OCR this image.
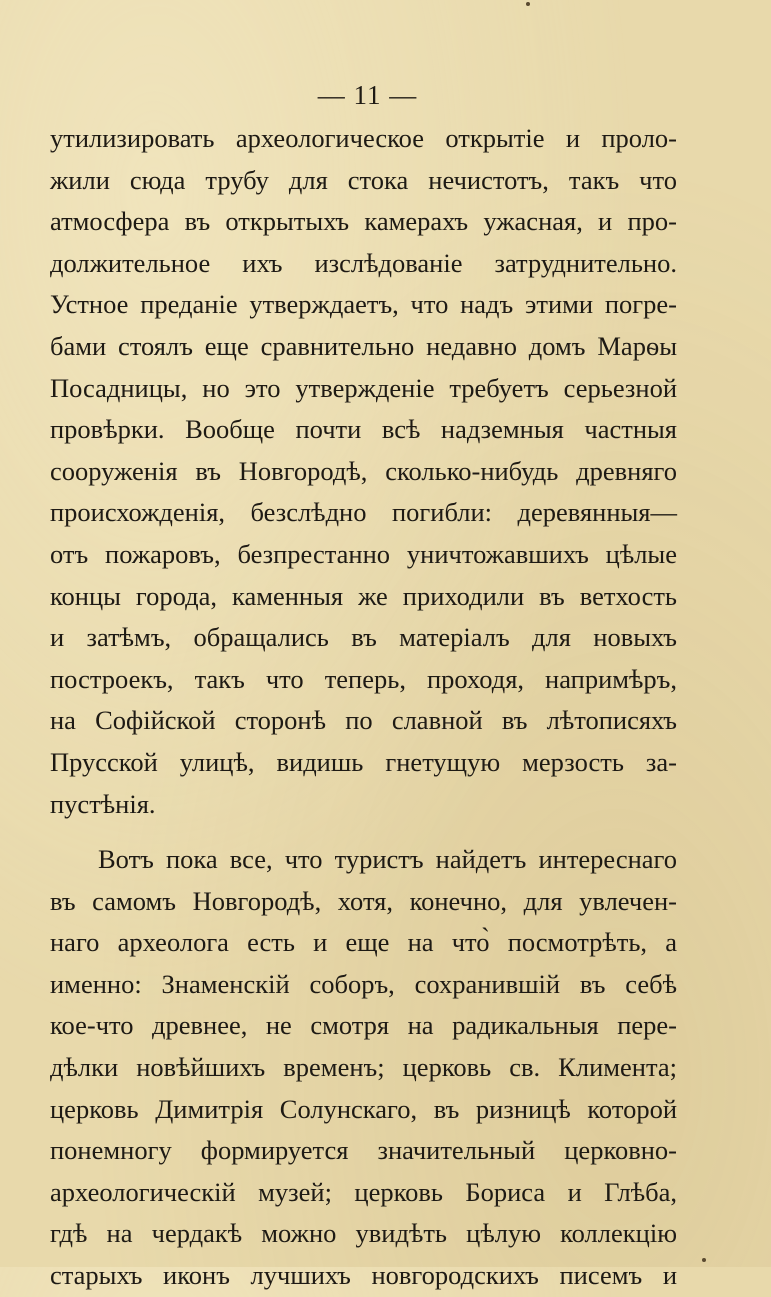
— 11 —
утилизировать археологическое открытіе и проло-
жили сюда трубу для стока нечистотъ, такъ что
атмосфера въ открытыхъ камерахъ ужасная, и про-
должительное ихъ изслѣдованіе затруднительно.
Устное преданіе утверждаетъ, что надъ этими погре-
бами стоялъ еще сравнительно недавно домъ Марѳы
Посадницы, но это утвержденіе требуетъ серьезной
провѣрки. Вообще почти всѣ надземныя частныя
сооруженія въ Новгородѣ, сколько-нибудь древняго
происхожденія, безслѣдно погибли: деревянныя—
отъ пожаровъ, безпрестанно уничтожавшихъ цѣлые
концы города, каменныя же приходили въ ветхость
и затѣмъ, обращались въ матеріалъ для новыхъ
построекъ, такъ что теперь, проходя, напримѣръ,
на Софійской сторонѣ по славной въ лѣтописяхъ
Прусской улицѣ, видишь гнетущую мерзость за-
пустѣнія.
Вотъ пока все, что туристъ найдетъ интереснаго
въ самомъ Новгородѣ, хотя, конечно, для увлечен-
наго археолога есть и еще на что̀ посмотрѣть, а
именно: Знаменскій соборъ, сохранившій въ себѣ
кое-что древнее, не смотря на радикальныя пере-
дѣлки новѣйшихъ временъ; церковь св. Климента;
церковь Димитрія Солунскаго, въ ризницѣ которой
понемногу формируется значительный церковно-
археологическій музей; церковь Бориса и Глѣба,
гдѣ на чердакѣ можно увидѣть цѣлую коллекцію
старыхъ иконъ лучшихъ новгородскихъ писемъ и
